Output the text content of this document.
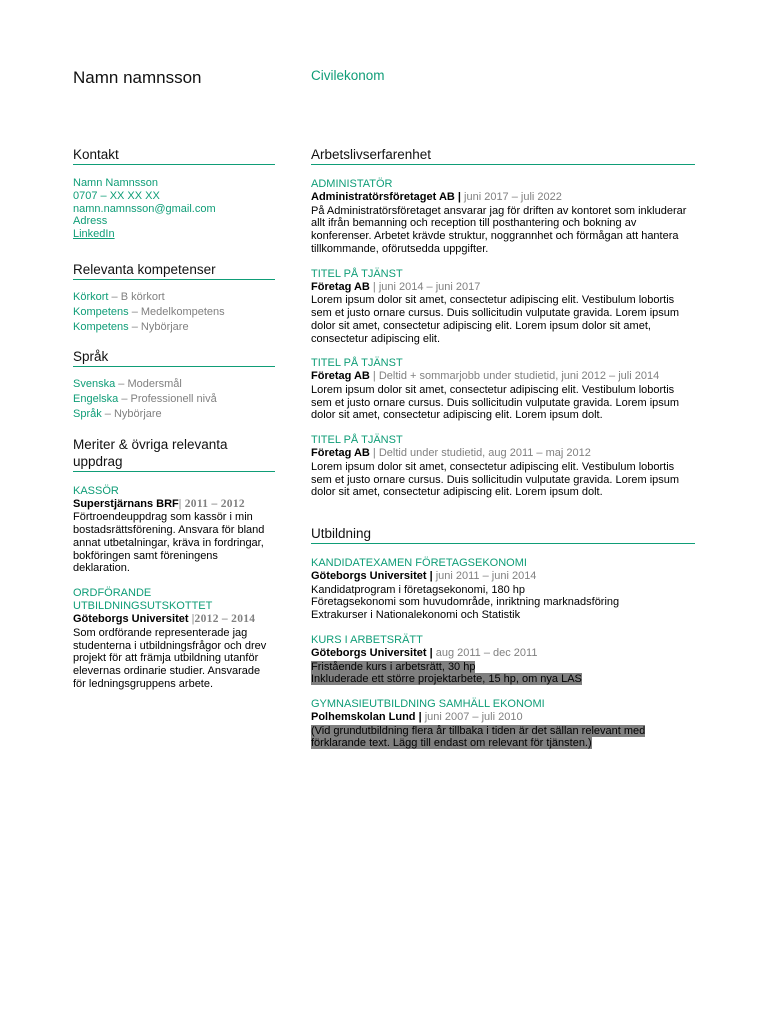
Namn namnsson	Civilekonom
Kontakt
Namn Namnsson
0707 – XX XX XX
namn.namnsson@gmail.com
Adress
LinkedIn
Relevanta kompetenser
Körkort – B körkort
Kompetens – Medelkompetens
Kompetens – Nybörjare
Språk
Svenska – Modersmål
Engelska – Professionell nivå
Språk – Nybörjare
Meriter & övriga relevanta uppdrag
KASSÖR
Superstjärnans BRF| 2011 – 2012
Förtroendeuppdrag som kassör i min bostadsrättsförening. Ansvara för bland annat utbetalningar, kräva in fordringar, bokföringen samt föreningens deklaration.
ORDFÖRANDE UTBILDNINGSUTSKOTTET
Göteborgs Universitet |2012 – 2014
Som ordförande representerade jag studenterna i utbildningsfrågor och drev projekt för att främja utbildning utanför elevernas ordinarie studier. Ansvarade för ledningsgruppens arbete.
Arbetslivserfarenhet
ADMINISTATÖR
Administratörsföretaget AB | juni 2017 – juli 2022
På Administratörsföretaget ansvarar jag för driften av kontoret som inkluderar allt ifrån bemanning och reception till posthantering och bokning av konferenser. Arbetet krävde struktur, noggrannhet och förmågan att hantera tillkommande, oförutsedda uppgifter.
TITEL PÅ TJÄNST
Företag AB | juni 2014 – juni 2017
Lorem ipsum dolor sit amet, consectetur adipiscing elit. Vestibulum lobortis sem et justo ornare cursus. Duis sollicitudin vulputate gravida. Lorem ipsum dolor sit amet, consectetur adipiscing elit. Lorem ipsum dolor sit amet, consectetur adipiscing elit.
TITEL PÅ TJÄNST
Företag AB | Deltid + sommarjobb under studietid, juni 2012 – juli 2014
Lorem ipsum dolor sit amet, consectetur adipiscing elit. Vestibulum lobortis sem et justo ornare cursus. Duis sollicitudin vulputate gravida. Lorem ipsum dolor sit amet, consectetur adipiscing elit. Lorem ipsum dolt.
TITEL PÅ TJÄNST
Företag AB | Deltid under studietid, aug 2011 – maj 2012
Lorem ipsum dolor sit amet, consectetur adipiscing elit. Vestibulum lobortis sem et justo ornare cursus. Duis sollicitudin vulputate gravida. Lorem ipsum dolor sit amet, consectetur adipiscing elit. Lorem ipsum dolt.
Utbildning
KANDIDATEXAMEN FÖRETAGSEKONOMI
Göteborgs Universitet | juni 2011 – juni 2014
Kandidatprogram i företagsekonomi, 180 hp
Företagsekonomi som huvudområde, inriktning marknadsföring
Extrakurser i Nationalekonomi och Statistik
KURS I ARBETSRÄTT
Göteborgs Universitet | aug 2011 – dec 2011
Fristående kurs i arbetsrätt, 30 hp
Inkluderade ett större projektarbete, 15 hp, om nya LAS
GYMNASIEUTBILDNING SAMHÄLL EKONOMI
Polhemskolan Lund | juni 2007 – juli 2010
(Vid grundutbildning flera år tillbaka i tiden är det sällan relevant med förklarande text. Lägg till endast om relevant för tjänsten.)
